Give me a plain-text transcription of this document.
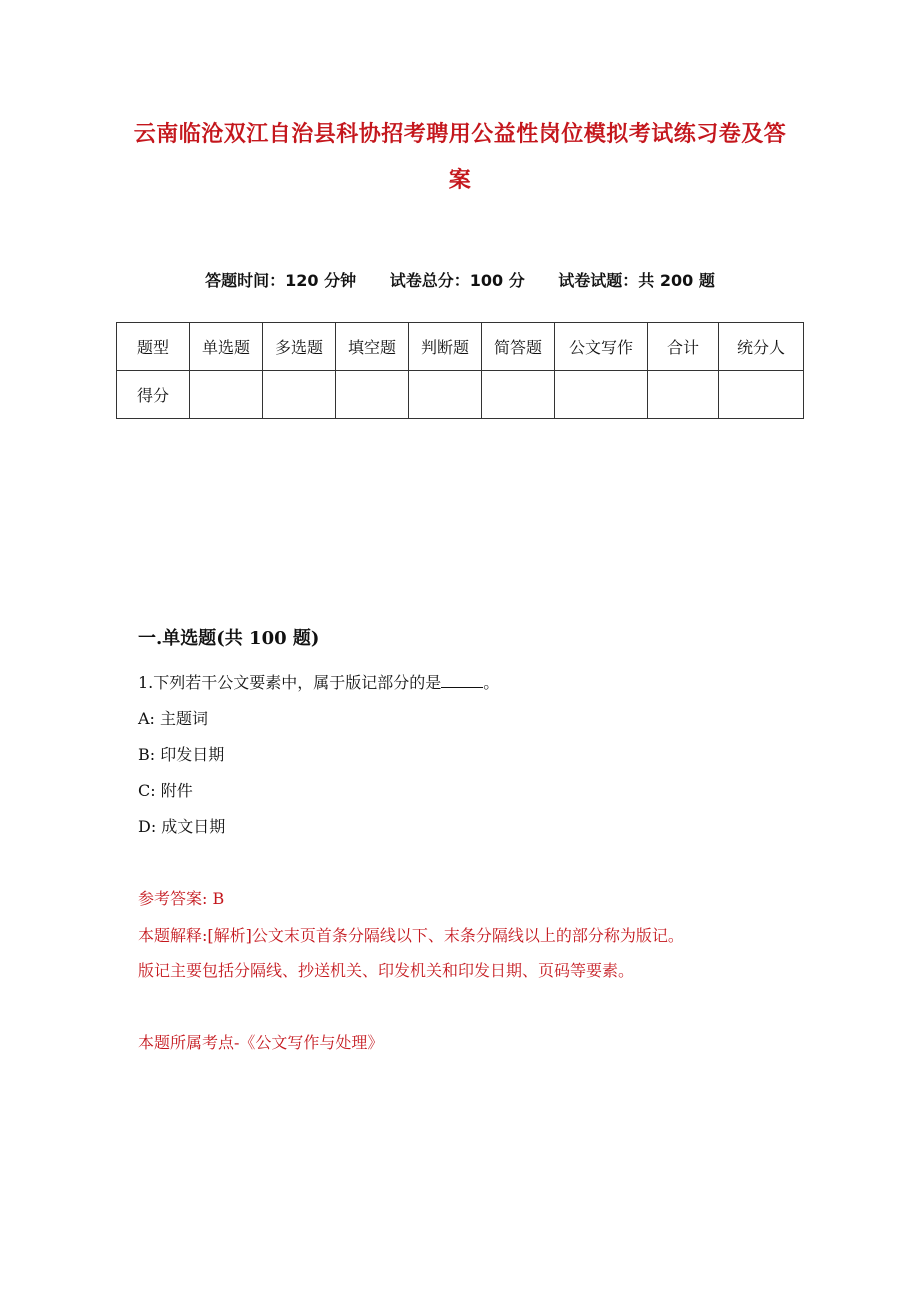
云南临沧双江自治县科协招考聘用公益性岗位模拟考试练习卷及答
案
答题时间：120 分钟 试卷总分：100 分 试卷试题：共 200 题
题型	单选题	多选题	填空题	判断题	简答题	公文写作	合计	统分人
得分								
一.单选题(共 100 题)
1.下列若干公文要素中，属于版记部分的是	。
A: 主题词
B: 印发日期
C: 附件
D: 成文日期
参考答案: B
本题解释:[解析]公文末页首条分隔线以下、末条分隔线以上的部分称为版记。
版记主要包括分隔线、抄送机关、印发机关和印发日期、页码等要素。
本题所属考点-《公文写作与处理》
